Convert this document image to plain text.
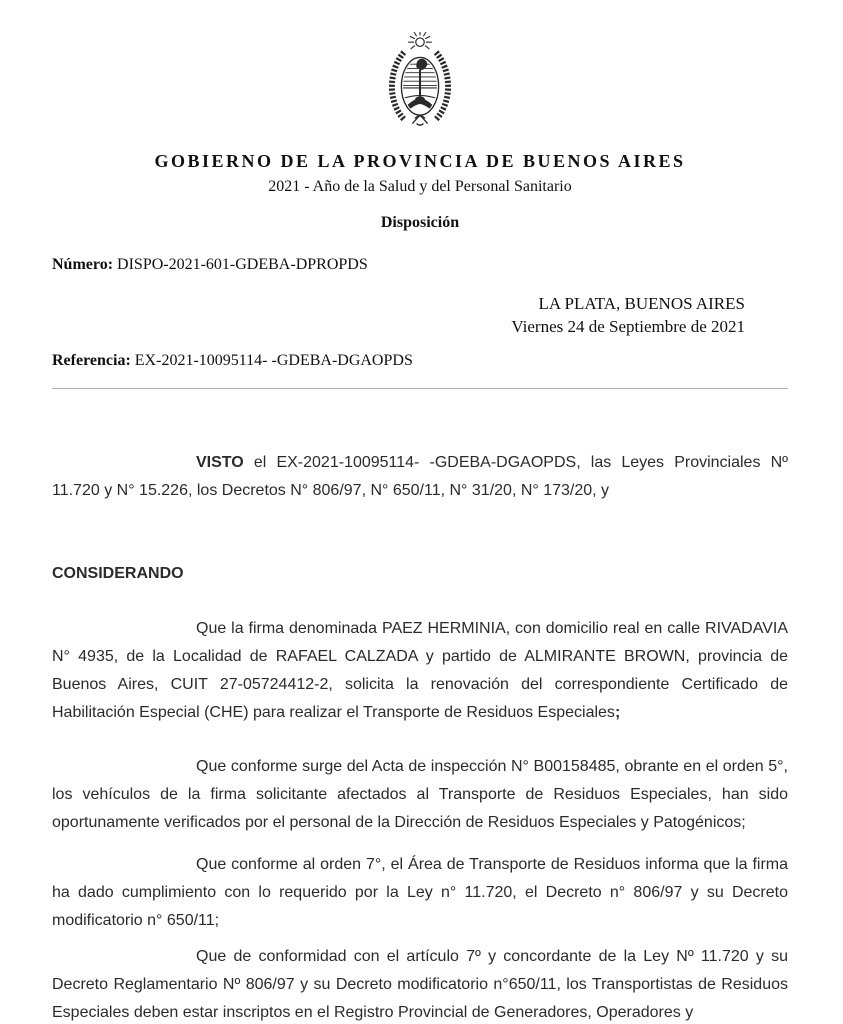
GOBIERNO DE LA PROVINCIA DE BUENOS AIRES
2021 - Año de la Salud y del Personal Sanitario
Disposición

Número: DISPO-2021-601-GDEBA-DPROPDS

LA PLATA, BUENOS AIRES
Viernes 24 de Septiembre de 2021

Referencia: EX-2021-10095114- -GDEBA-DGAOPDS

VISTO el EX-2021-10095114- -GDEBA-DGAOPDS, las Leyes Provinciales Nº 11.720 y N° 15.226, los Decretos N° 806/97, N° 650/11, N° 31/20, N° 173/20, y

CONSIDERANDO

Que la firma denominada PAEZ HERMINIA, con domicilio real en calle RIVADAVIA N° 4935, de la Localidad de RAFAEL CALZADA y partido de ALMIRANTE BROWN, provincia de Buenos Aires, CUIT 27-05724412-2, solicita la renovación del correspondiente Certificado de Habilitación Especial (CHE) para realizar el Transporte de Residuos Especiales;

Que conforme surge del Acta de inspección N° B00158485, obrante en el orden 5°, los vehículos de la firma solicitante afectados al Transporte de Residuos Especiales, han sido oportunamente verificados por el personal de la Dirección de Residuos Especiales y Patogénicos;

Que conforme al orden 7°, el Área de Transporte de Residuos informa que la firma ha dado cumplimiento con lo requerido por la Ley n° 11.720, el Decreto n° 806/97 y su Decreto modificatorio n° 650/11;

Que de conformidad con el artículo 7º y concordante de la Ley Nº 11.720 y su Decreto Reglamentario Nº 806/97 y su Decreto modificatorio n°650/11, los Transportistas de Residuos Especiales deben estar inscriptos en el Registro Provincial de Generadores, Operadores y
